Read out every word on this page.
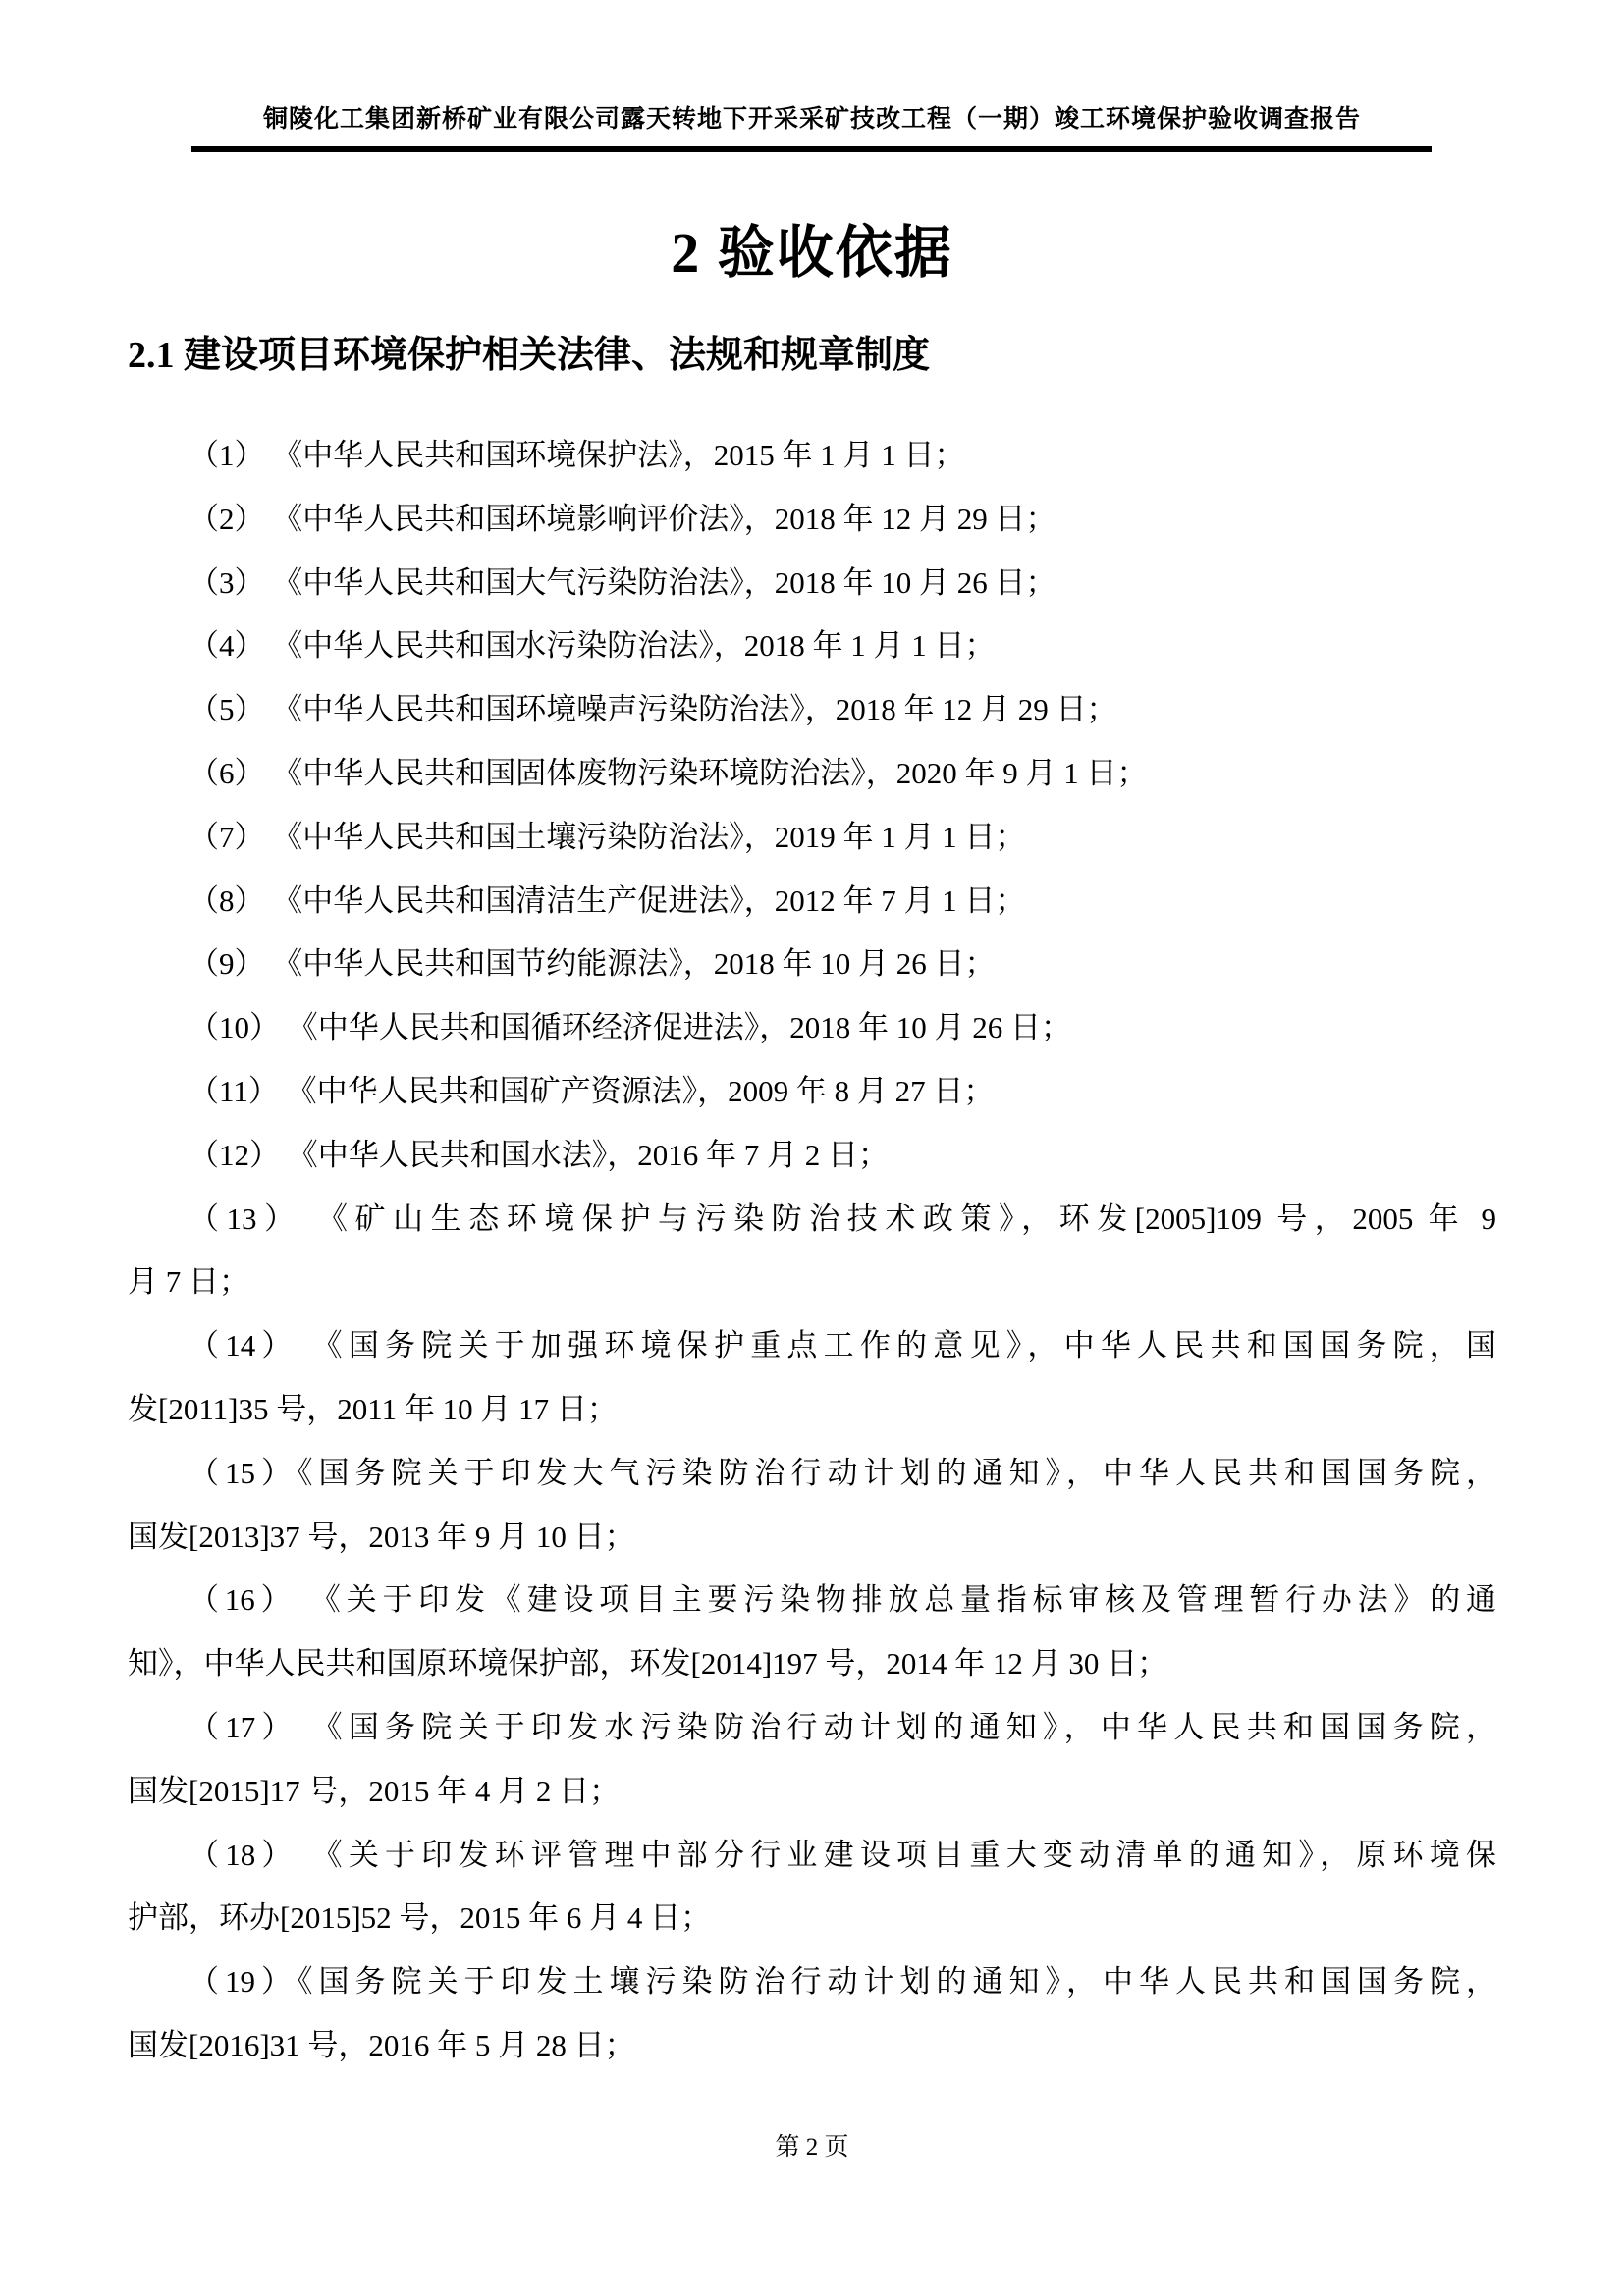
铜陵化工集团新桥矿业有限公司露天转地下开采采矿技改工程（一期）竣工环境保护验收调查报告
2 验收依据
2.1 建设项目环境保护相关法律、法规和规章制度

（1） 《中华人民共和国环境保护法》，2015 年 1 月 1 日；

（2） 《中华人民共和国环境影响评价法》，2018 年 12 月 29 日；

（3） 《中华人民共和国大气污染防治法》，2018 年 10 月 26 日；

（4） 《中华人民共和国水污染防治法》，2018 年 1 月 1 日；

（5） 《中华人民共和国环境噪声污染防治法》，2018 年 12 月 29 日；

（6） 《中华人民共和国固体废物污染环境防治法》，2020 年 9 月 1 日；

（7） 《中华人民共和国土壤污染防治法》，2019 年 1 月 1 日；

（8） 《中华人民共和国清洁生产促进法》，2012 年 7 月 1 日；

（9） 《中华人民共和国节约能源法》，2018 年 10 月 26 日；

（10） 《中华人民共和国循环经济促进法》，2018 年 10 月 26 日；

（11） 《中华人民共和国矿产资源法》，2009 年 8 月 27 日；

（12） 《中华人民共和国水法》，2016 年 7 月 2 日；

（13） 《矿山生态环境保护与污染防治技术政策》，环发[2005]109 号，2005 年 9

月 7 日；

（14） 《国务院关于加强环境保护重点工作的意见》，中华人民共和国国务院，国

发[2011]35 号，2011 年 10 月 17 日；

（15）《国务院关于印发大气污染防治行动计划的通知》，中华人民共和国国务院，

国发[2013]37 号，2013 年 9 月 10 日；

（16） 《关于印发《建设项目主要污染物排放总量指标审核及管理暂行办法》的通

知》，中华人民共和国原环境保护部，环发[2014]197 号，2014 年 12 月 30 日；

（17） 《国务院关于印发水污染防治行动计划的通知》，中华人民共和国国务院，

国发[2015]17 号，2015 年 4 月 2 日；

（18） 《关于印发环评管理中部分行业建设项目重大变动清单的通知》，原环境保

护部，环办[2015]52 号，2015 年 6 月 4 日；

（19）《国务院关于印发土壤污染防治行动计划的通知》，中华人民共和国国务院，

国发[2016]31 号，2016 年 5 月 28 日；

第 2 页
